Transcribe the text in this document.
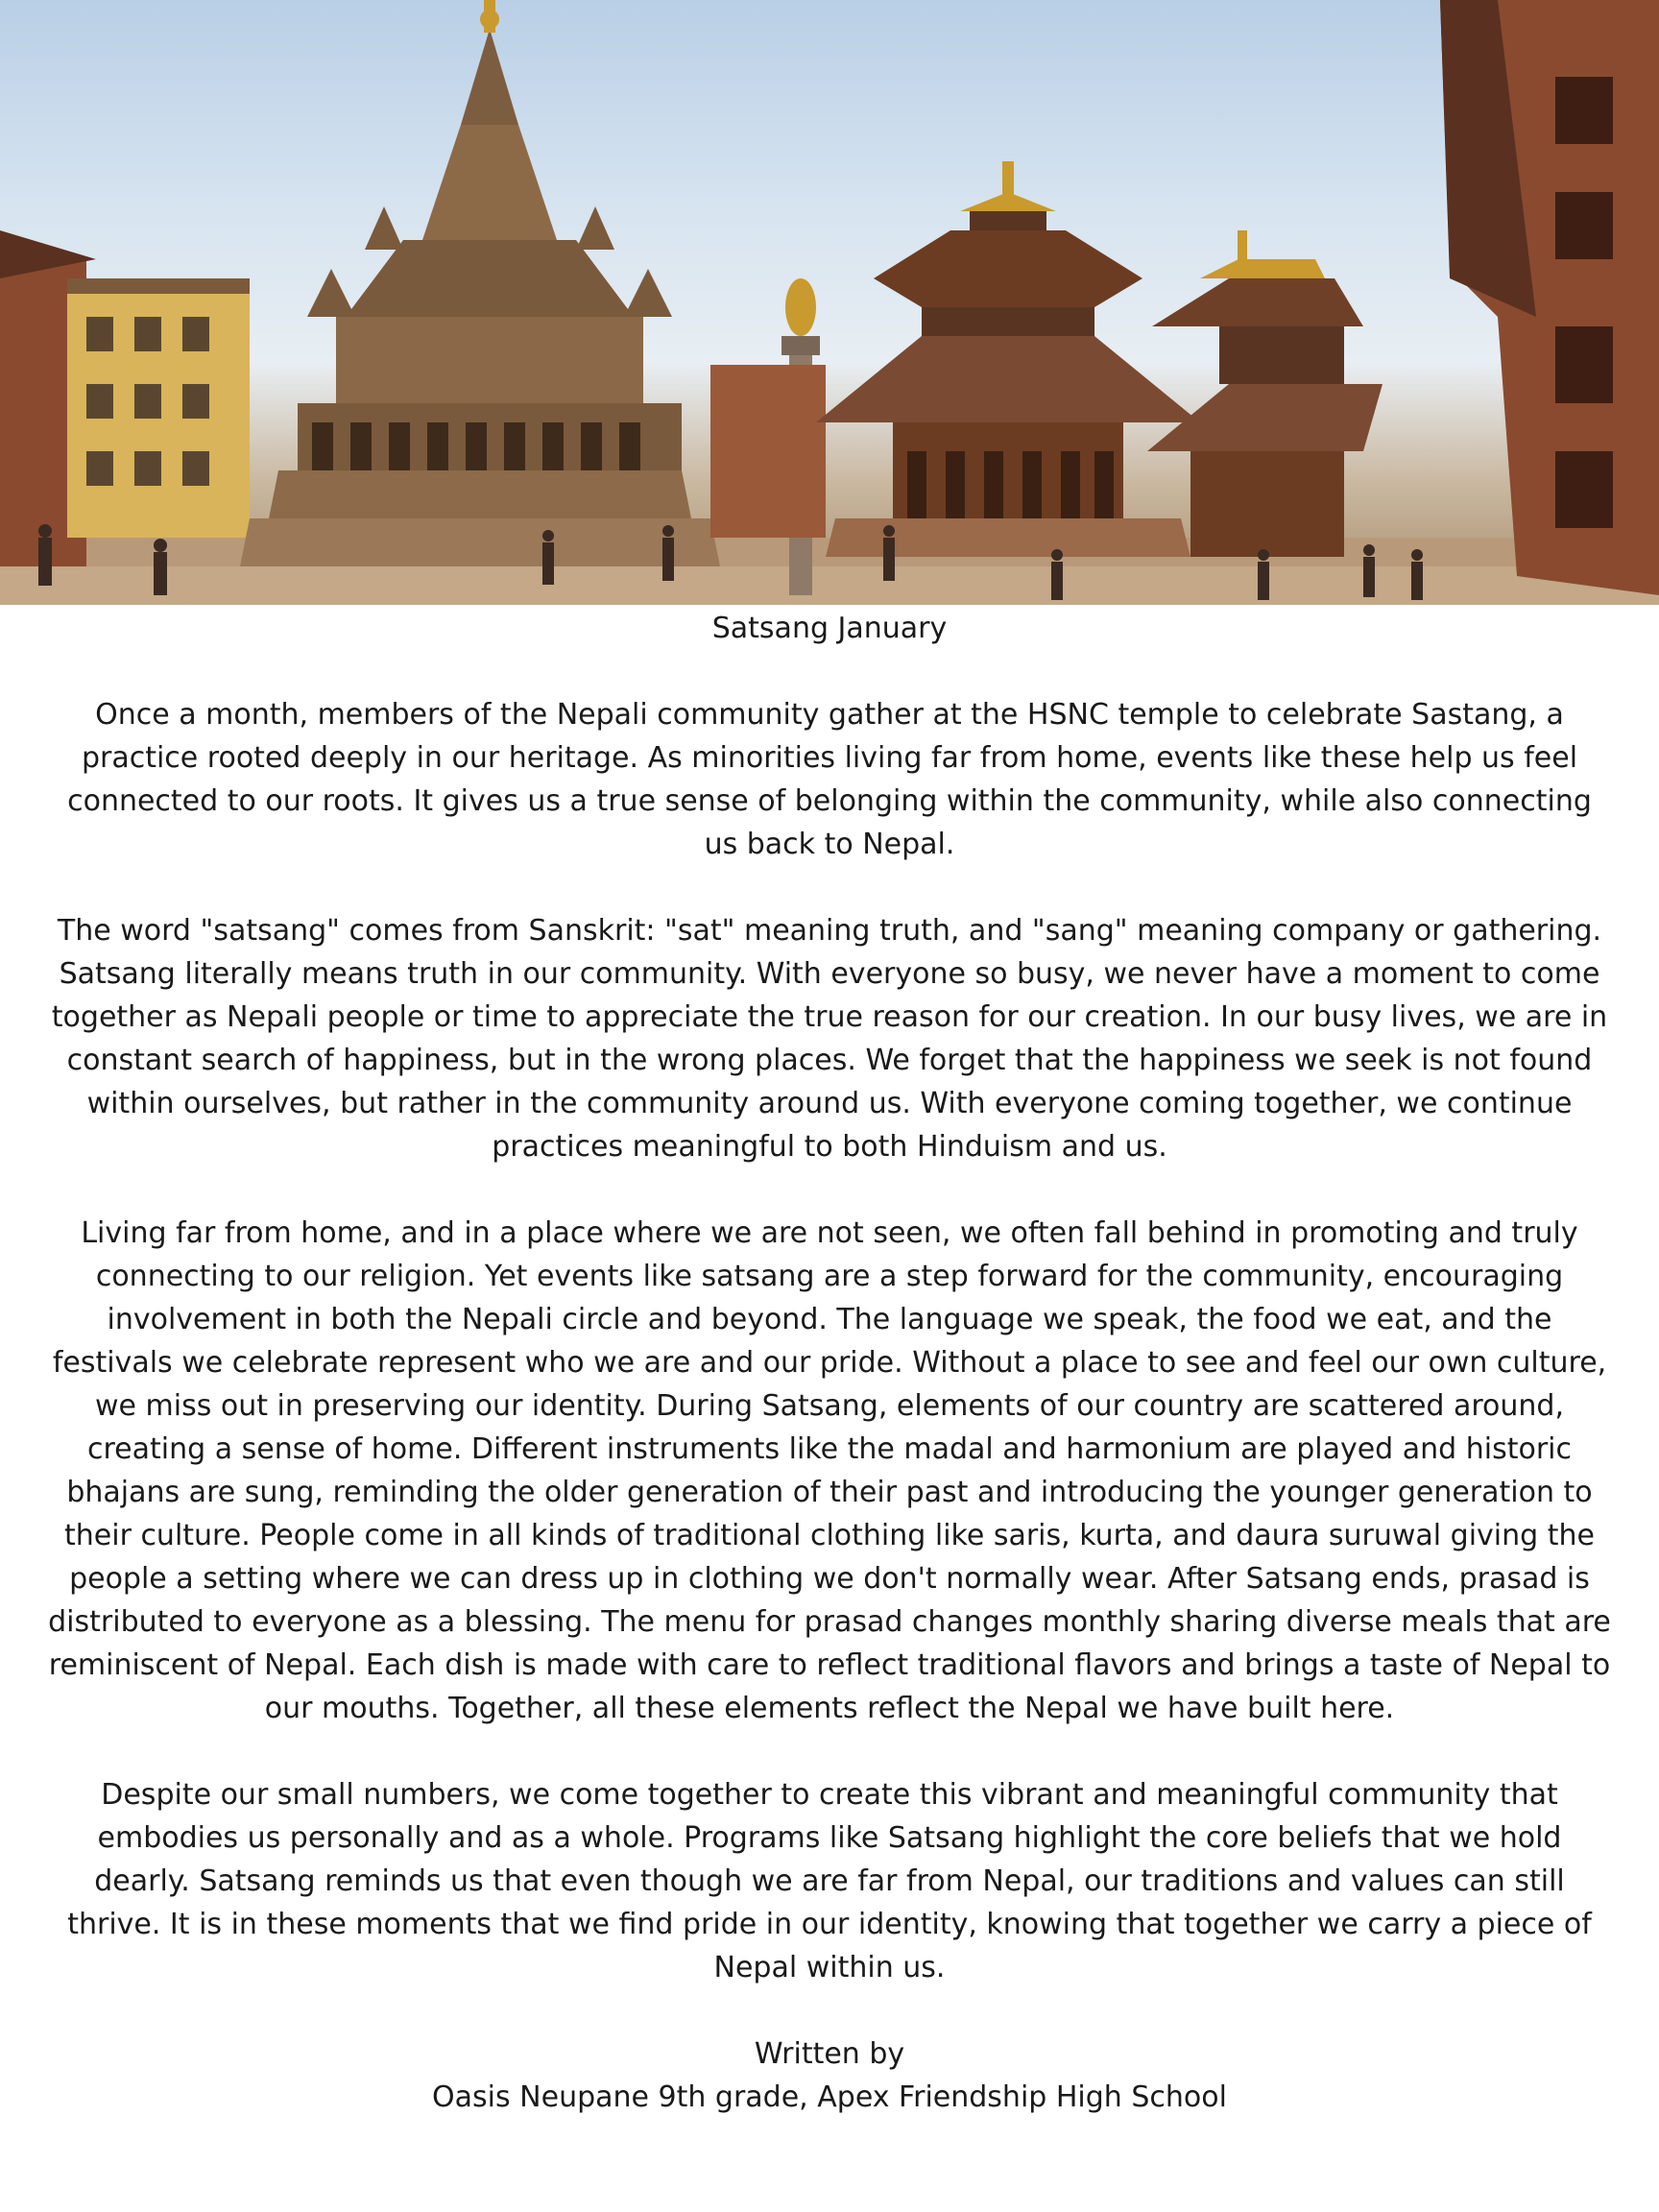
Satsang January

Once a month, members of the Nepali community gather at the HSNC temple to celebrate Sastang, a practice rooted deeply in our heritage. As minorities living far from home, events like these help us feel connected to our roots. It gives us a true sense of belonging within the community, while also connecting us back to Nepal.

The word "satsang" comes from Sanskrit: "sat" meaning truth, and "sang" meaning company or gathering. Satsang literally means truth in our community. With everyone so busy, we never have a moment to come together as Nepali people or time to appreciate the true reason for our creation. In our busy lives, we are in constant search of happiness, but in the wrong places. We forget that the happiness we seek is not found within ourselves, but rather in the community around us. With everyone coming together, we continue practices meaningful to both Hinduism and us.

Living far from home, and in a place where we are not seen, we often fall behind in promoting and truly connecting to our religion. Yet events like satsang are a step forward for the community, encouraging involvement in both the Nepali circle and beyond. The language we speak, the food we eat, and the festivals we celebrate represent who we are and our pride. Without a place to see and feel our own culture, we miss out in preserving our identity. During Satsang, elements of our country are scattered around, creating a sense of home. Different instruments like the madal and harmonium are played and historic bhajans are sung, reminding the older generation of their past and introducing the younger generation to their culture. People come in all kinds of traditional clothing like saris, kurta, and daura suruwal giving the people a setting where we can dress up in clothing we don't normally wear. After Satsang ends, prasad is distributed to everyone as a blessing. The menu for prasad changes monthly sharing diverse meals that are reminiscent of Nepal. Each dish is made with care to reflect traditional flavors and brings a taste of Nepal to our mouths. Together, all these elements reflect the Nepal we have built here.

Despite our small numbers, we come together to create this vibrant and meaningful community that embodies us personally and as a whole. Programs like Satsang highlight the core beliefs that we hold dearly. Satsang reminds us that even though we are far from Nepal, our traditions and values can still thrive. It is in these moments that we find pride in our identity, knowing that together we carry a piece of Nepal within us.

Written by
Oasis Neupane 9th grade, Apex Friendship High School
